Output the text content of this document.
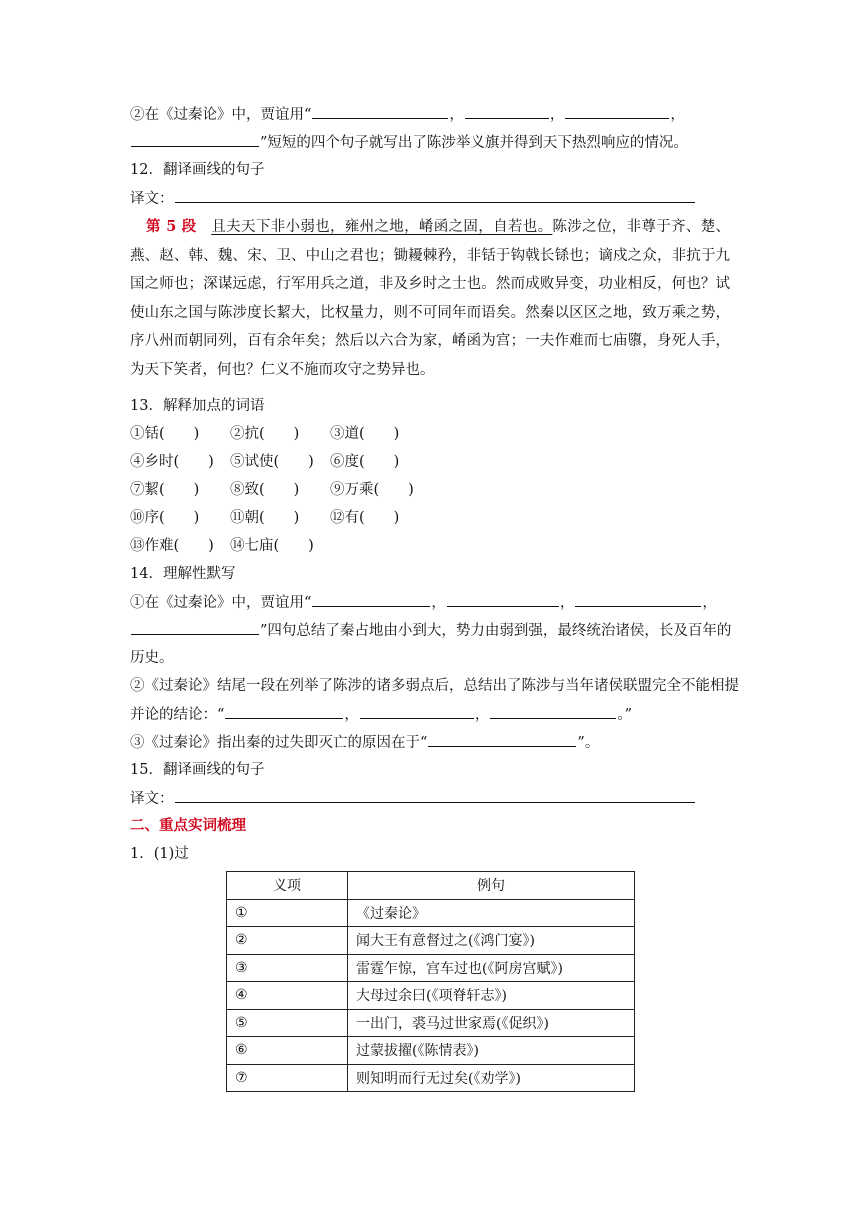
②在《过秦论》中，贾谊用“	，	，	，
”短短的四个句子就写出了陈涉举义旗并得到天下热烈响应的情况。
12．翻译画线的句子
译文：
第 5 段　 且夫天下非小弱也，雍州之地，崤函之固，自若也。陈涉之位，非尊于齐、楚、燕、赵、韩、魏、宋、卫、中山之君也；锄耰棘矜，非铦于钩戟长铩也；谪戍之众，非抗于九国之师也；深谋远虑，行军用兵之道，非及乡时之士也。然而成败异变，功业相反，何也？试使山东之国与陈涉度长絜大，比权量力，则不可同年而语矣。然秦以区区之地，致万乘之势，序八州而朝同列，百有余年矣；然后以六合为家，崤函为宫；一夫作难而七庙隳，身死人手，为天下笑者，何也？仁义不施而攻守之势异也。
13．解释加点的词语
①铦(　　) ②抗(　　) ③道(　　)
④乡时(　　) ⑤试使(　　) ⑥度(　　)
⑦絜(　　) ⑧致(　　) ⑨万乘(　　)
⑩序(　　) ⑪朝(　　) ⑫有(　　)
⑬作难(　　) ⑭七庙(　　)
14．理解性默写
①在《过秦论》中，贾谊用“	，	，	，
”四句总结了秦占地由小到大，势力由弱到强，最终统治诸侯，长及百年的
历史。
②《过秦论》结尾一段在列举了陈涉的诸多弱点后，总结出了陈涉与当年诸侯联盟完全不能相提
并论的结论：“	，	，	。”
③《过秦论》指出秦的过失即灭亡的原因在于“	”。
15．翻译画线的句子
译文：
二、重点实词梳理
1．(1)过
义项	例句
①	《过秦论》
②	闻大王有意督过之(《鸿门宴》)
③	雷霆乍惊，宫车过也(《阿房宫赋》)
④	大母过余曰(《项脊轩志》)
⑤	一出门，裘马过世家焉(《促织》)
⑥	过蒙拔擢(《陈情表》)
⑦	则知明而行无过矣(《劝学》)
